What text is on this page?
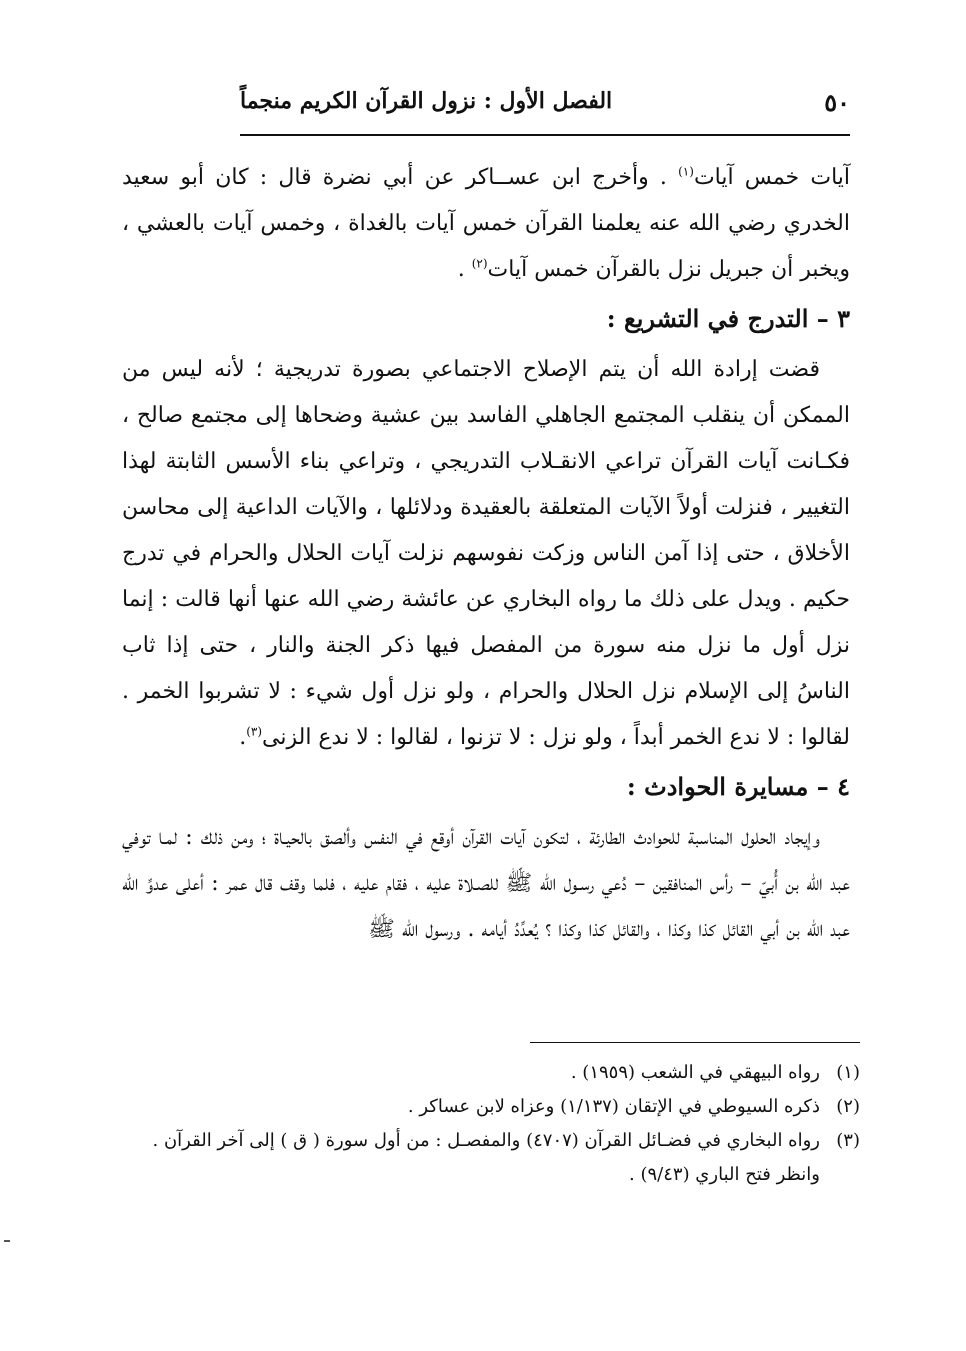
٥٠
الفصل الأول : نزول القرآن الكريم منجماً

آيات خمس آيات$^{(١)}$ . وأخرج ابن عســاكر عن أبي نضرة قال : كان أبو سعيد الخدري رضي الله عنه يعلمنا القرآن خمس آيات بالغداة ، وخمس آيات بالعشي ، ويخبر أن جبريل نزل بالقرآن خمس آيات$^{(٢)}$ .

٣ – التدرج في التشريع :

قضت إرادة الله أن يتم الإصلاح الاجتماعي بصورة تدريجية ؛ لأنه ليس من الممكن أن ينقلب المجتمع الجاهلي الفاسد بين عشية وضحاها إلى مجتمع صالح ، فكـانت آيات القرآن تراعي الانقـلاب التدريجي ، وتراعي بناء الأسس الثابتة لهذا التغيير ، فنزلت أولاً الآيات المتعلقة بالعقيدة ودلائلها ، والآيات الداعية إلى محاسن الأخلاق ، حتى إذا آمن الناس وزكت نفوسهم نزلت آيات الحلال والحرام في تدرج حكيم . ويدل على ذلك ما رواه البخاري عن عائشة رضي الله عنها أنها قالت : إنما نزل أول ما نزل منه سورة من المفصل فيها ذكر الجنة والنار ، حتى إذا ثاب الناسُ إلى الإسلام نزل الحلال والحرام ، ولو نزل أول شيء : لا تشربوا الخمر . لقالوا : لا ندع الخمر أبداً ، ولو نزل : لا تزنوا ، لقالوا : لا ندع الزنى$^{(٣)}$.

٤ – مسايرة الحوادث :

وإيجاد الحلول المناسبة للحوادث الطارئة ، لتكون آيات القرآن أوقع في النفس وألصق بالحيـاة ؛ ومن ذلك : لمـا توفي عبد الله بن أُبيّ – رأس المنافقين – دُعي رسـول الله ﷺ للصـلاة عليه ، فقام عليه ، فلما وقف قال عمر : أعلى عدوِّ الله عبد الله بن أبي القائل كذا وكذا ، والقائل كذا وكذا ؟ يُعدِّدُ أيامه . ورسول الله ﷺ

(١)
رواه البيهقي في الشعب (١٩٥٩) .
(٢)
ذكره السيوطي في الإتقان (١/١٣٧) وعزاه لابن عساكر .
(٣)
رواه البخاري في فضـائل القرآن (٤٧٠٧) والمفصـل : من أول سورة ( ق ) إلى آخر القرآن . وانظر فتح الباري (٩/٤٣) .
